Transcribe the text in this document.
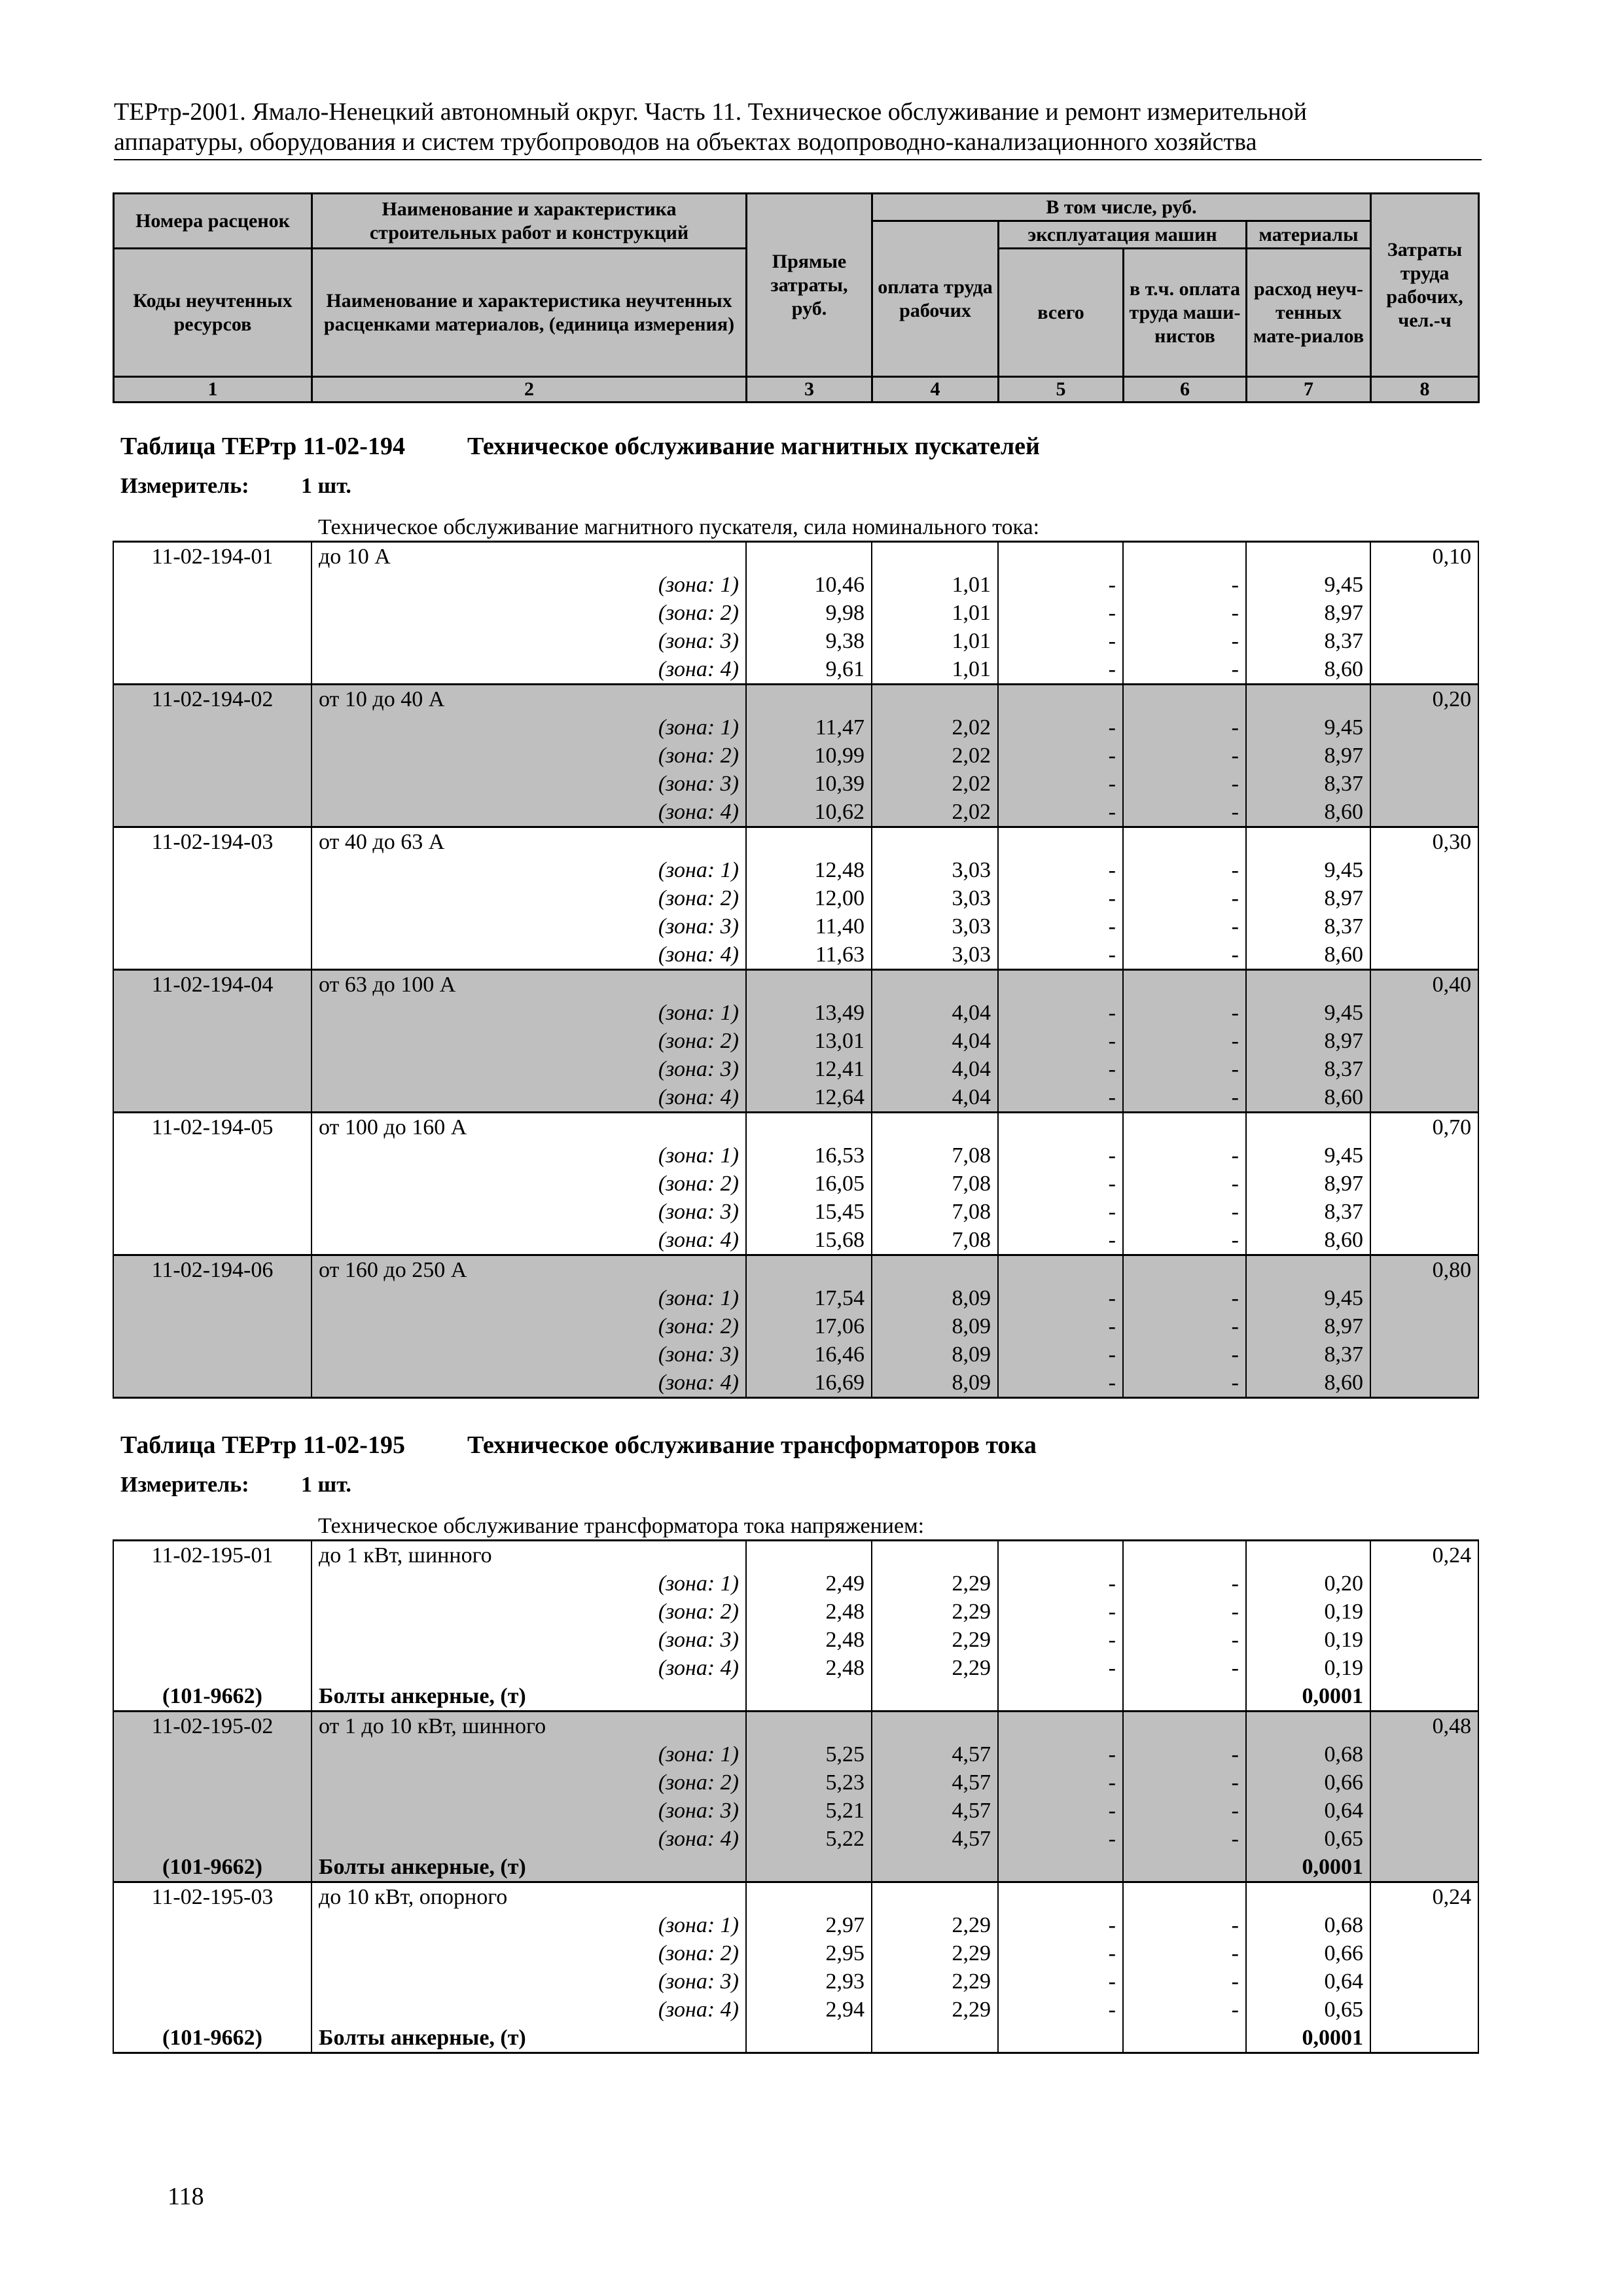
ТЕРтр-2001. Ямало-Ненецкий автономный округ. Часть 11. Техническое обслуживание и ремонт измерительной
аппаратуры, оборудования и систем трубопроводов на объектах водопроводно-канализационного хозяйства
Номера расценок	Наименование и характеристика строительных работ и конструкций	Прямые затраты, руб.	В том числе, руб.				Затраты труда рабочих, чел.-ч
			оплата труда рабочих	эксплуатация машин		материалы	
Коды неучтенных ресурсов	Наименование и характеристика неучтенных расценками материалов, (единица измерения)			всего	в т.ч. оплата труда маши-нистов	расход неуч-тенных мате-риалов	
1	2	3	4	5	6	7	8
Таблица ТЕРтр 11-02-194	Техническое обслуживание магнитных пускателей
Измеритель: 1 шт.
	Техническое обслуживание магнитного пускателя, сила номинального тока:						
11-02-194-01	до 10 А						0,10
	(зона: 1)	10,46	1,01	-	-	9,45	
	(зона: 2)	9,98	1,01	-	-	8,97	
	(зона: 3)	9,38	1,01	-	-	8,37	
	(зона: 4)	9,61	1,01	-	-	8,60	
11-02-194-02	от 10 до 40 А						0,20
	(зона: 1)	11,47	2,02	-	-	9,45	
	(зона: 2)	10,99	2,02	-	-	8,97	
	(зона: 3)	10,39	2,02	-	-	8,37	
	(зона: 4)	10,62	2,02	-	-	8,60	
11-02-194-03	от 40 до 63 А						0,30
	(зона: 1)	12,48	3,03	-	-	9,45	
	(зона: 2)	12,00	3,03	-	-	8,97	
	(зона: 3)	11,40	3,03	-	-	8,37	
	(зона: 4)	11,63	3,03	-	-	8,60	
11-02-194-04	от 63 до 100 А						0,40
	(зона: 1)	13,49	4,04	-	-	9,45	
	(зона: 2)	13,01	4,04	-	-	8,97	
	(зона: 3)	12,41	4,04	-	-	8,37	
	(зона: 4)	12,64	4,04	-	-	8,60	
11-02-194-05	от 100 до 160 А						0,70
	(зона: 1)	16,53	7,08	-	-	9,45	
	(зона: 2)	16,05	7,08	-	-	8,97	
	(зона: 3)	15,45	7,08	-	-	8,37	
	(зона: 4)	15,68	7,08	-	-	8,60	
11-02-194-06	от 160 до 250 А						0,80
	(зона: 1)	17,54	8,09	-	-	9,45	
	(зона: 2)	17,06	8,09	-	-	8,97	
	(зона: 3)	16,46	8,09	-	-	8,37	
	(зона: 4)	16,69	8,09	-	-	8,60	
Таблица ТЕРтр 11-02-195	Техническое обслуживание трансформаторов тока
Измеритель: 1 шт.
	Техническое обслуживание трансформатора тока напряжением:						
11-02-195-01	до 1 кВт, шинного						0,24
	(зона: 1)	2,49	2,29	-	-	0,20	
	(зона: 2)	2,48	2,29	-	-	0,19	
	(зона: 3)	2,48	2,29	-	-	0,19	
	(зона: 4)	2,48	2,29	-	-	0,19	
(101-9662)	Болты анкерные, (т)					0,0001	
11-02-195-02	от 1 до 10 кВт, шинного						0,48
	(зона: 1)	5,25	4,57	-	-	0,68	
	(зона: 2)	5,23	4,57	-	-	0,66	
	(зона: 3)	5,21	4,57	-	-	0,64	
	(зона: 4)	5,22	4,57	-	-	0,65	
(101-9662)	Болты анкерные, (т)					0,0001	
11-02-195-03	до 10 кВт, опорного						0,24
	(зона: 1)	2,97	2,29	-	-	0,68	
	(зона: 2)	2,95	2,29	-	-	0,66	
	(зона: 3)	2,93	2,29	-	-	0,64	
	(зона: 4)	2,94	2,29	-	-	0,65	
(101-9662)	Болты анкерные, (т)					0,0001	
118
